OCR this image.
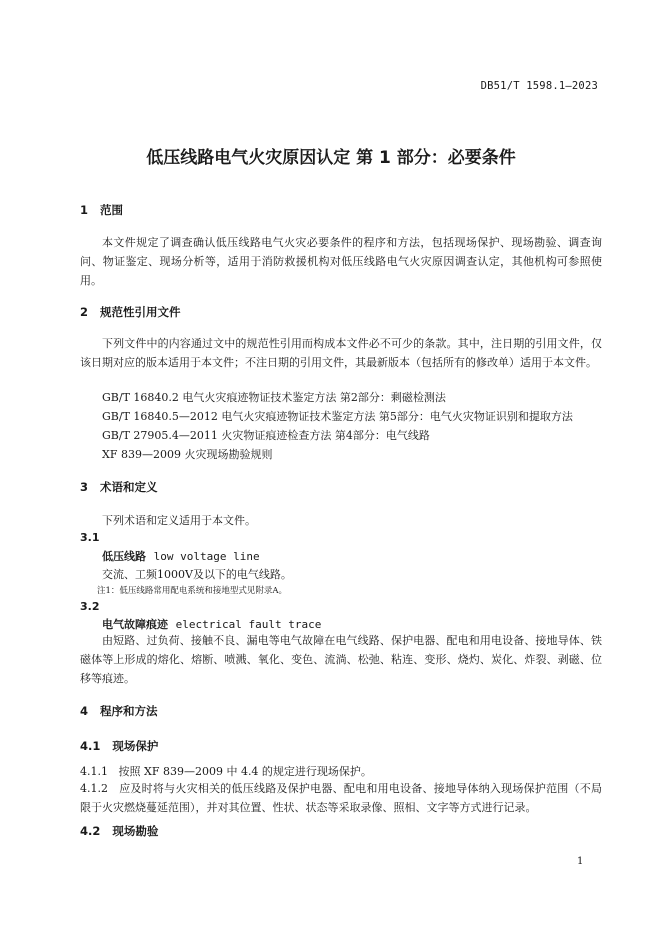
DB51/T 1598.1—2023
低压线路电气火灾原因认定 第 1 部分：必要条件
1 范围
本文件规定了调查确认低压线路电气火灾必要条件的程序和方法，包括现场保护、现场勘验、调查询问、物证鉴定、现场分析等，适用于消防救援机构对低压线路电气火灾原因调查认定，其他机构可参照使用。
2 规范性引用文件
下列文件中的内容通过文中的规范性引用而构成本文件必不可少的条款。其中，注日期的引用文件，仅该日期对应的版本适用于本文件；不注日期的引用文件，其最新版本（包括所有的修改单）适用于本文件。
GB/T 16840.2 电气火灾痕迹物证技术鉴定方法 第2部分：剩磁检测法
GB/T 16840.5—2012 电气火灾痕迹物证技术鉴定方法 第5部分：电气火灾物证识别和提取方法
GB/T 27905.4—2011 火灾物证痕迹检查方法 第4部分：电气线路
XF 839—2009 火灾现场勘验规则
3 术语和定义
下列术语和定义适用于本文件。
3.1
低压线路 low voltage line
交流、工频1000V及以下的电气线路。
注1：低压线路常用配电系统和接地型式见附录A。
3.2
电气故障痕迹 electrical fault trace
由短路、过负荷、接触不良、漏电等电气故障在电气线路、保护电器、配电和用电设备、接地导体、铁磁体等上形成的熔化、熔断、喷溅、氧化、变色、流淌、松弛、粘连、变形、烧灼、炭化、炸裂、剥磁、位移等痕迹。
4 程序和方法
4.1 现场保护
4.1.1 按照 XF 839—2009 中 4.4 的规定进行现场保护。
4.1.2 应及时将与火灾相关的低压线路及保护电器、配电和用电设备、接地导体纳入现场保护范围（不局限于火灾燃烧蔓延范围），并对其位置、性状、状态等采取录像、照相、文字等方式进行记录。
4.2 现场勘验
1
